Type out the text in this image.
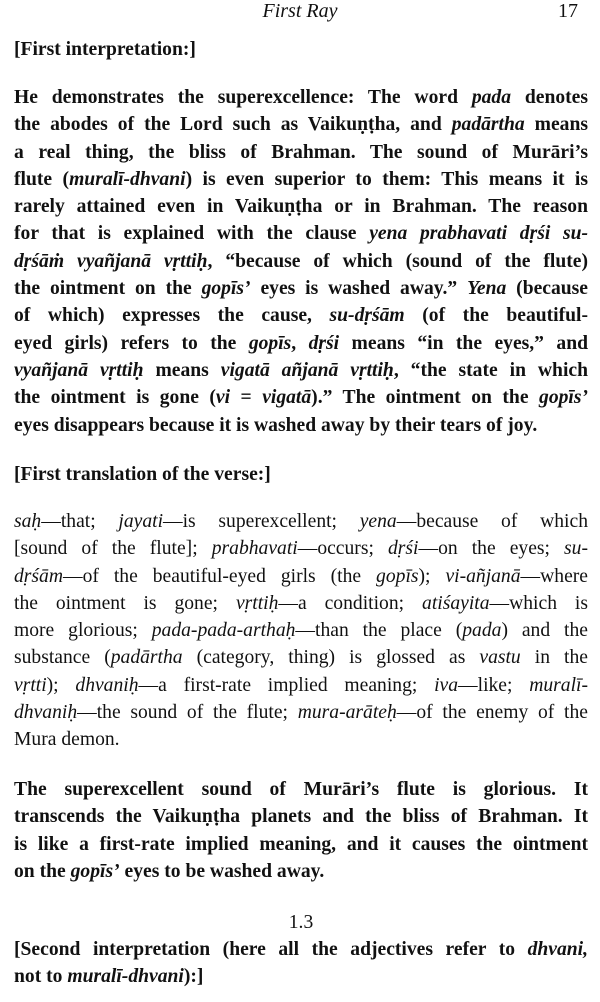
First Ray	17
[First interpretation:]
He demonstrates the superexcellence: The word pada denotes
the abodes of the Lord such as Vaikuṇṭha, and padārtha means
a real thing, the bliss of Brahman. The sound of Murāri’s
flute (muralī-dhvani) is even superior to them: This means it is
rarely attained even in Vaikuṇṭha or in Brahman. The reason
for that is explained with the clause yena prabhavati dṛśi su-
dṛśāṁ vyañjanā vṛttiḥ, “because of which (sound of the flute)
the ointment on the gopīs’ eyes is washed away.” Yena (because
of which) expresses the cause, su-dṛśām (of the beautiful-
eyed girls) refers to the gopīs, dṛśi means “in the eyes,” and
vyañjanā vṛttiḥ means vigatā añjanā vṛttiḥ, “the state in which
the ointment is gone (vi = vigatā).” The ointment on the gopīs’
eyes disappears because it is washed away by their tears of joy.
[First translation of the verse:]
saḥ—that; jayati—is superexcellent; yena—because of which
[sound of the flute]; prabhavati—occurs; dṛśi—on the eyes; su-
dṛśām—of the beautiful-eyed girls (the gopīs); vi-añjanā—where
the ointment is gone; vṛttiḥ—a condition; atiśayita—which is
more glorious; pada-pada-arthaḥ—than the place (pada) and the
substance (padārtha (category, thing) is glossed as vastu in the
vṛtti); dhvaniḥ—a first-rate implied meaning; iva—like; muralī-
dhvaniḥ—the sound of the flute; mura-arāteḥ—of the enemy of the
Mura demon.
The superexcellent sound of Murāri’s flute is glorious. It
transcends the Vaikuṇṭha planets and the bliss of Brahman. It
is like a first-rate implied meaning, and it causes the ointment
on the gopīs’ eyes to be washed away.
1.3
[Second interpretation (here all the adjectives refer to dhvani,
not to muralī-dhvani):]
